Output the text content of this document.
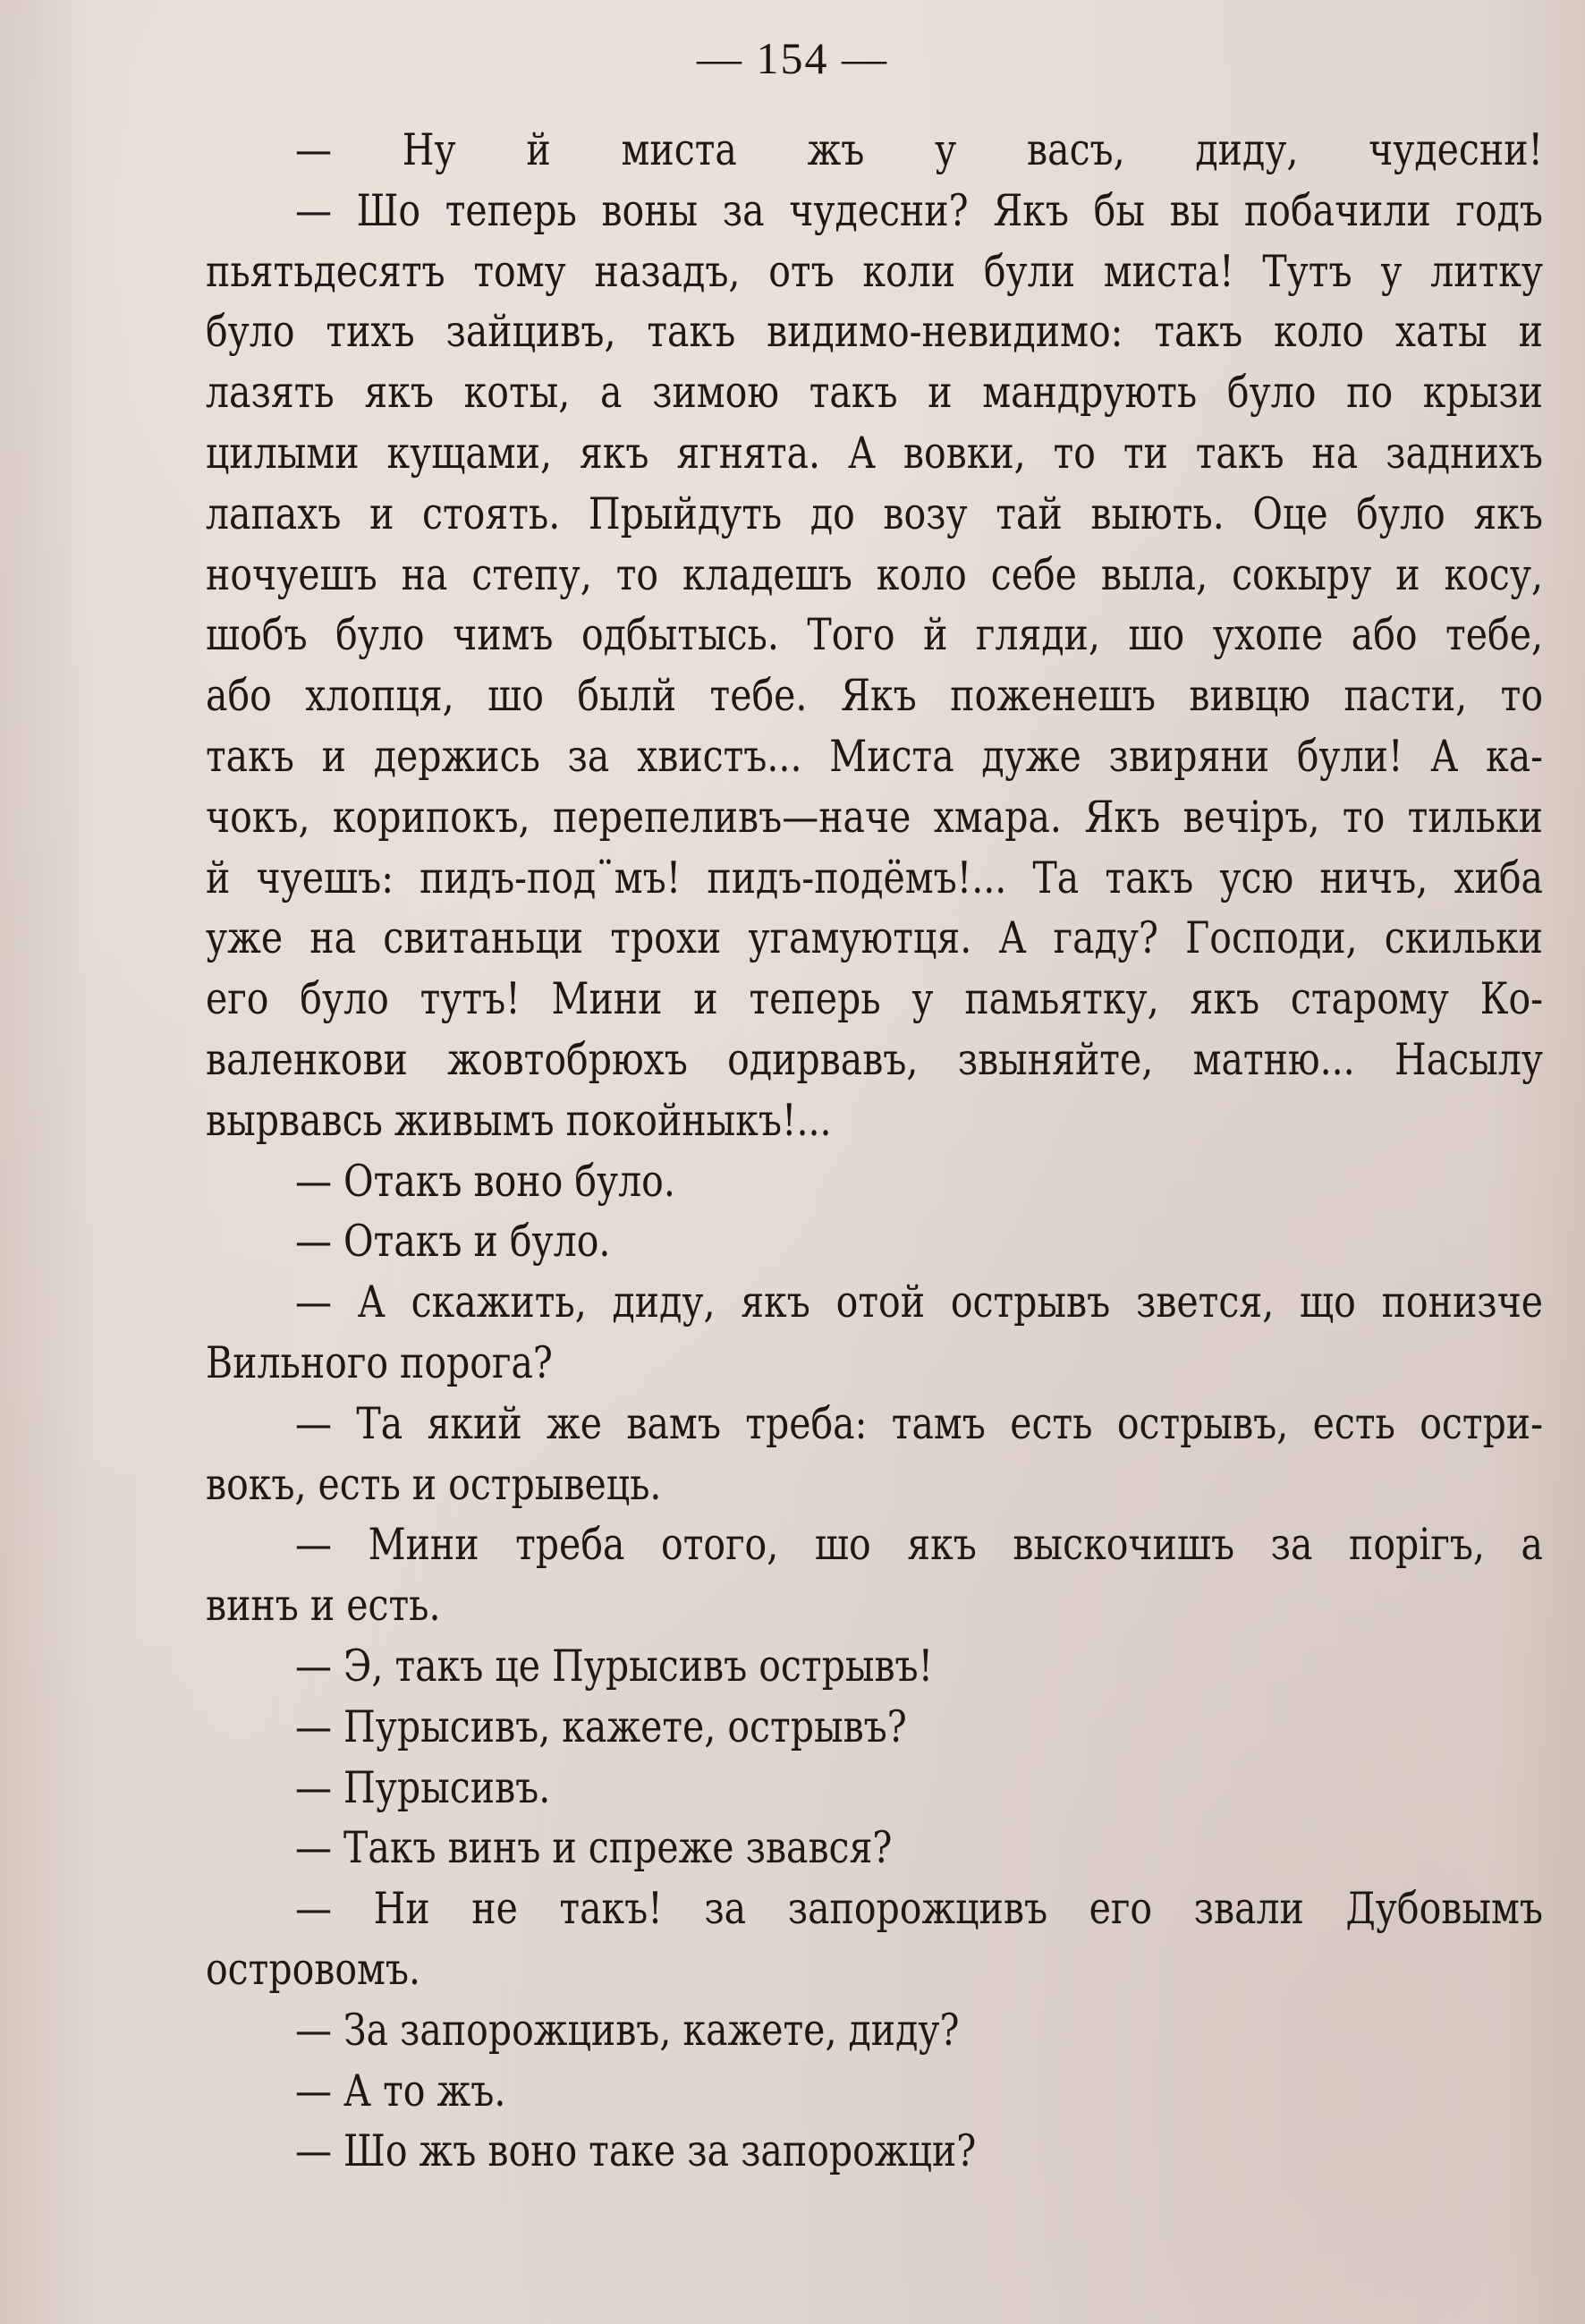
— 154 —
— Ну й миста жъ у васъ, диду, чудесни!
— Шо теперь воны за чудесни? Якъ бы вы побачили годъ
пьятьдесятъ тому назадъ, отъ коли були миста! Тутъ у литку
було тихъ зайцивъ, такъ видимо-невидимо: такъ коло хаты и
лазять якъ коты, а зимою такъ и мандрують було по крызи
цилыми кущами, якъ ягнята. А вовки, то ти такъ на заднихъ
лапахъ и стоять. Прыйдуть до возу тай выють. Оце було якъ
ночуешъ на степу, то кладешъ коло себе выла, сокыру и косу,
шобъ було чимъ одбытысь. Того й гляди, шо ухопе або тебе,
або хлопця, шо былй тебе. Якъ поженешъ вивцю пасти, то
такъ и держись за хвистъ... Миста дуже звиряни були! А ка-
чокъ, корипокъ, перепеливъ—наче хмара. Якъ вечіръ, то тильки
й чуешъ: пидъ-под¨мъ! пидъ-подёмъ!... Та такъ усю ничъ, хиба
уже на свитаньци трохи угамуютця. А гаду? Господи, скильки
его було тутъ! Мини и теперь у памьятку, якъ старому Ко-
валенкови жовтобрюхъ одирвавъ, звыняйте, матню... Насылу
вырвавсь живымъ покойныкъ!...
— Отакъ воно було.
— Отакъ и було.
— А скажить, диду, якъ отой острывъ звется, що понизче
Вильного порога?
— Та який же вамъ треба: тамъ есть острывъ, есть остри-
вокъ, есть и острывець.
— Мини треба отого, шо якъ выскочишъ за порігъ, а
винъ и есть.
— Э, такъ це Пурысивъ острывъ!
— Пурысивъ, кажете, острывъ?
— Пурысивъ.
— Такъ винъ и спреже звався?
— Ни не такъ! за запорожцивъ его звали Дубовымъ
островомъ.
— За запорожцивъ, кажете, диду?
— А то жъ.
— Шо жъ воно таке за запорожци?
